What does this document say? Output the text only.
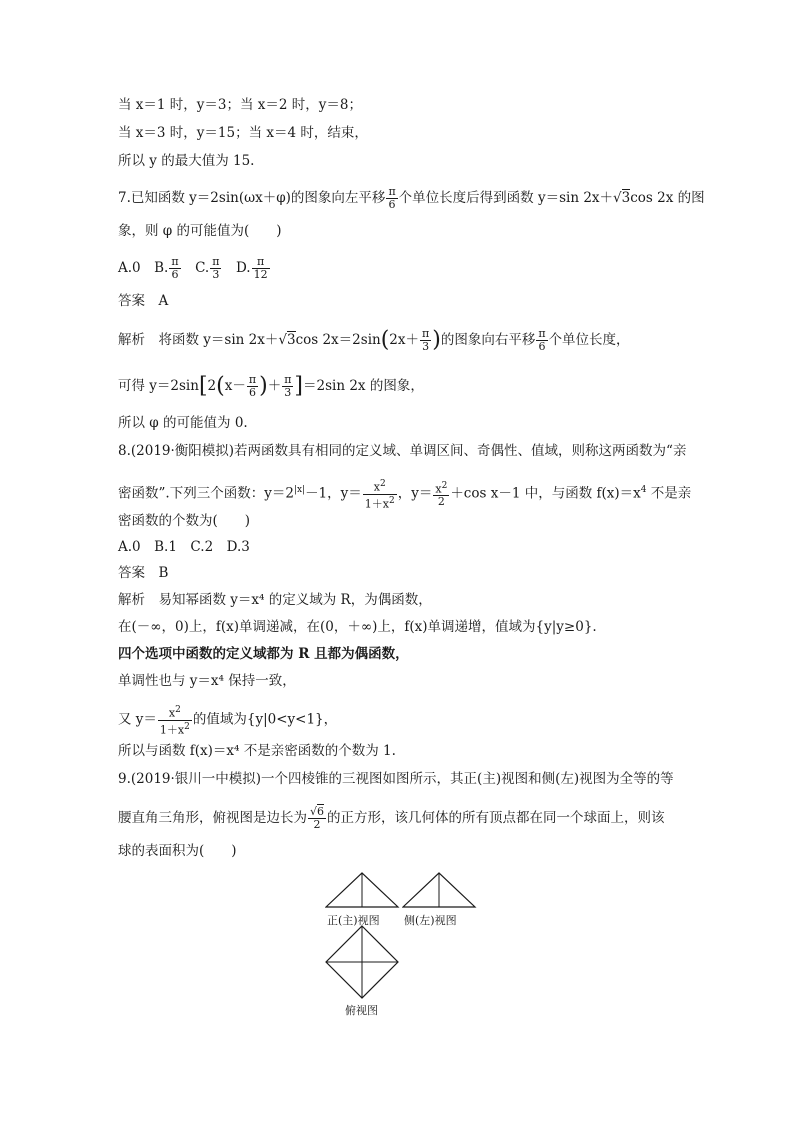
当 x＝1 时，y＝3；当 x＝2 时，y＝8；
当 x＝3 时，y＝15；当 x＝4 时，结束，
所以 y 的最大值为 15.
7.已知函数 y＝2sin(ωx＋φ)的图象向左平移 $\frac{\pi}{6}$ 个单位长度后得到函数 y＝sin 2x＋√3cos 2x 的图
象，则 φ 的可能值为(　　)
A.0　B. $\frac{\pi}{6}$ 　C. $\frac{\pi}{3}$ 　D. $\frac{\pi}{12}$
答案　A
解析　将函数 y＝sin 2x＋√3cos $2x=2\sin(2x+ \frac{\pi}{3}$ )的图象向右平移 $\frac{\pi}{6}$ 个单位长度，
可得 $y=2\sin[2(x- \frac{\pi}{6}$ )＋ $\frac{\pi}{3} ]=2\sin$ 2x 的图象，
所以 φ 的可能值为 0.
8.(2019·衡阳模拟)若两函数具有相同的定义域、单调区间、奇偶性、值域，则称这两函数为“亲
密函数”.下列三个函数：$y=2^{|x|}-1$，$y= \frac{x^2}{1+x^2}$ ，$y= \frac{x^2}{2} +\cos$ x－1 中，与函数 $f(x)=x^4$ 不是亲
密函数的个数为(　　)
A.0　B.1　C.2　D.3
答案　B
解析　易知幂函数 y＝x⁴ 的定义域为 R，为偶函数，
在(－∞，0)上，f(x)单调递减，在(0，＋∞)上，f(x)单调递增，值域为{y|y≥0}.
四个选项中函数的定义域都为 R 且都为偶函数，
单调性也与 y＝x⁴ 保持一致，
又 $y= \frac{x^2}{1+x^2}$ 的值域为{y|0<y<1}，
所以与函数 f(x)＝x⁴ 不是亲密函数的个数为 1.
9.(2019·银川一中模拟)一个四棱锥的三视图如图所示，其正(主)视图和侧(左)视图为全等的等
腰直角三角形，俯视图是边长为 $\frac{√6}{2}$ 的正方形，该几何体的所有顶点都在同一个球面上，则该
球的表面积为(　　)
正(主)视图 侧(左)视图
俯视图
